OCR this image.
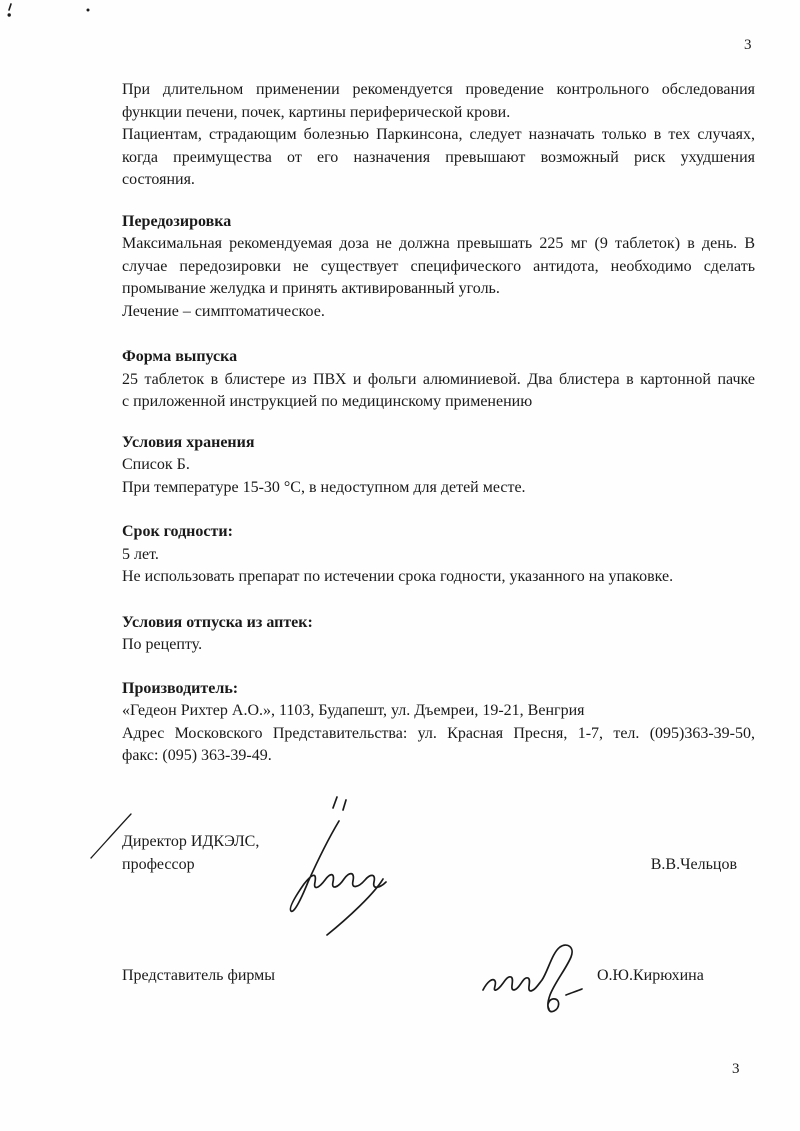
3
При длительном применении рекомендуется проведение контрольного обследования
функции печени, почек, картины периферической крови.
Пациентам, страдающим болезнью Паркинсона, следует назначать только в тех случаях,
когда преимущества от его назначения превышают возможный риск ухудшения
состояния.
Передозировка
Максимальная рекомендуемая доза не должна превышать 225 мг (9 таблеток) в день. В
случае передозировки не существует специфического антидота, необходимо сделать
промывание желудка и принять активированный уголь.
Лечение – симптоматическое.
Форма выпуска
25 таблеток в блистере из ПВХ и фольги алюминиевой. Два блистера в картонной пачке
с приложенной инструкцией по медицинскому применению
Условия хранения
Список Б.
При температуре 15-30 °С, в недоступном для детей месте.
Срок годности:
5 лет.
Не использовать препарат по истечении срока годности, указанного на упаковке.
Условия отпуска из аптек:
По рецепту.
Производитель:
«Гедеон Рихтер А.О.», 1103, Будапешт, ул. Дъемреи, 19-21, Венгрия
Адрес Московского Представительства: ул. Красная Пресня, 1-7, тел. (095)363-39-50,
факс: (095) 363-39-49.
Директор ИДКЭЛС,
профессор	В.В.Чельцов
Представитель фирмы	О.Ю.Кирюхина
3
